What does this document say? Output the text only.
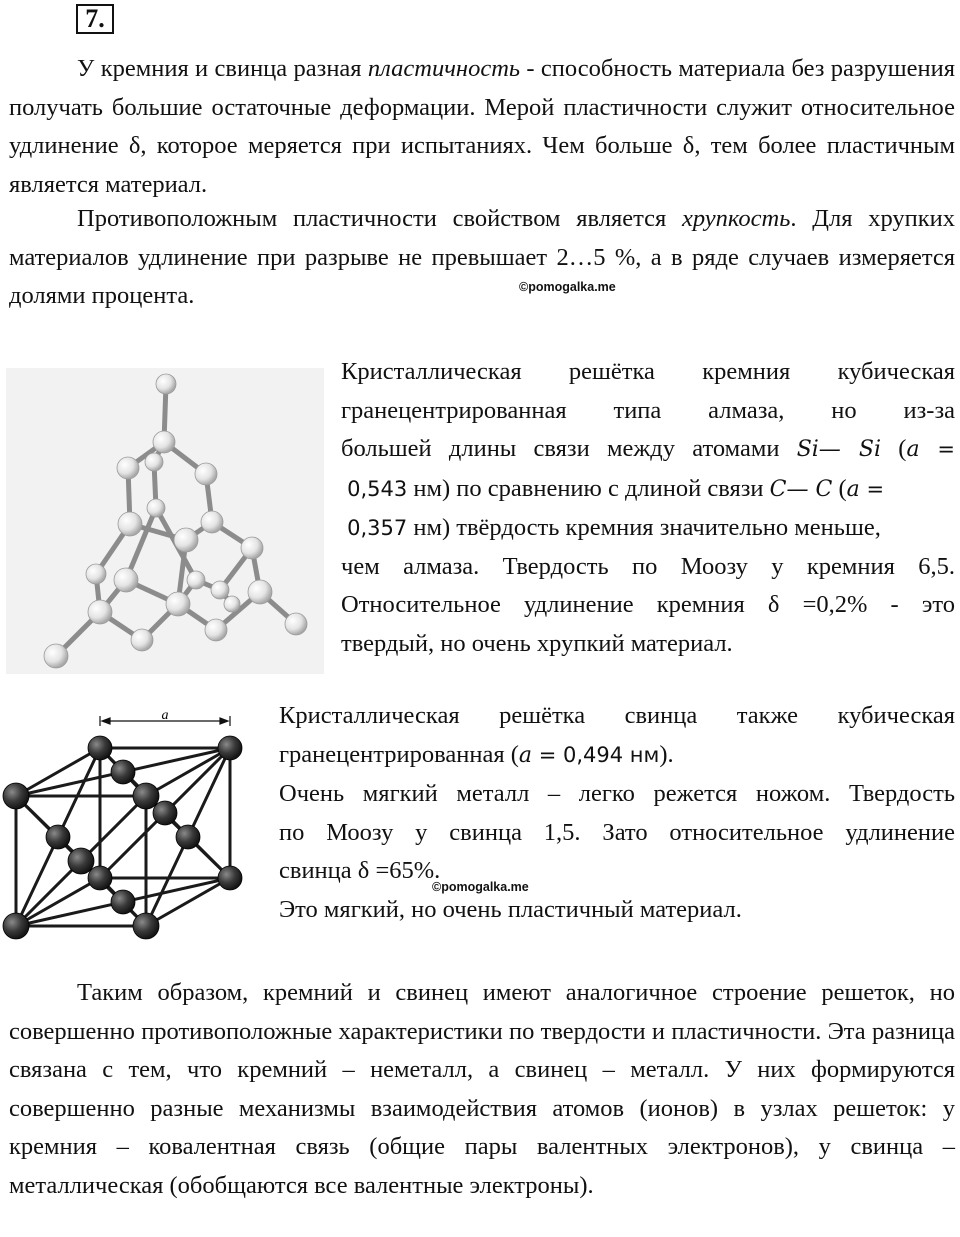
7.

У кремния и свинца разная пластичность - способность материала без разрушения получать большие остаточные деформации. Мерой пластичности служит относительное удлинение δ, которое меряется при испытаниях. Чем больше δ, тем более пластичным является материал.

Противоположным пластичности свойством является хрупкость. Для хрупких материалов удлинение при разрыве не превышает 2…5 %, а в ряде случаев измеряется долями процента.	©pomogalka.me
Кристаллическая решётка кремния кубическая
гранецентрированная типа алмаза, но из-за
большей длины связи между атомами Si— Si (a =
0,543 нм) по сравнению с длиной связи C— C (a =
0,357 нм) твёрдость кремния значительно меньше,
чем алмаза. Твердость по Моозу у кремния 6,5.
Относительное удлинение кремния δ =0,2% - это
твердый, но очень хрупкий материал.
a	Кристаллическая решётка свинца также кубическая
гранецентрированная (a = 0,494 нм).
Очень мягкий металл – легко режется ножом. Твердость
по Моозу у свинца 1,5. Зато относительное удлинение
свинца δ =65%.
Это мягкий, но очень пластичный материал.
©pomogalka.me

Таким образом, кремний и свинец имеют аналогичное строение решеток, но совершенно противоположные характеристики по твердости и пластичности. Эта разница связана с тем, что кремний – неметалл, а свинец – металл. У них формируются совершенно разные механизмы взаимодействия атомов (ионов) в узлах решеток: у кремния – ковалентная связь (общие пары валентных электронов), у свинца – металлическая (обобщаются все валентные электроны).
